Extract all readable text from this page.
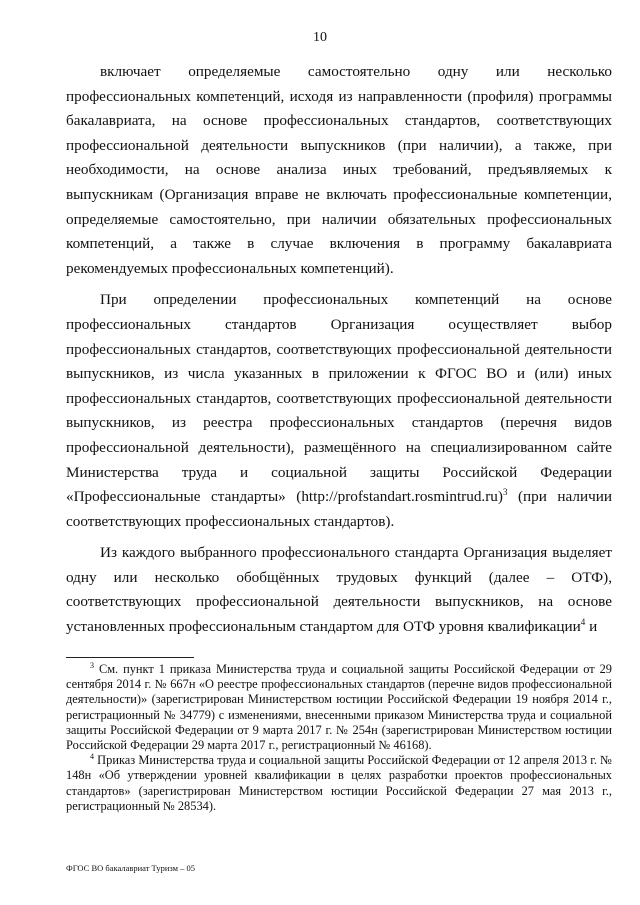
10

включает определяемые самостоятельно одну или несколько профессиональных компетенций, исходя из направленности (профиля) программы бакалавриата, на основе профессиональных стандартов, соответствующих профессиональной деятельности выпускников (при наличии), а также, при необходимости, на основе анализа иных требований, предъявляемых к выпускникам (Организация вправе не включать профессиональные компетенции, определяемые самостоятельно, при наличии обязательных профессиональных компетенций, а также в случае включения в программу бакалавриата рекомендуемых профессиональных компетенций).

При определении профессиональных компетенций на основе профессиональных стандартов Организация осуществляет выбор профессиональных стандартов, соответствующих профессиональной деятельности выпускников, из числа указанных в приложении к ФГОС ВО и (или) иных профессиональных стандартов, соответствующих профессиональной деятельности выпускников, из реестра профессиональных стандартов (перечня видов профессиональной деятельности), размещённого на специализированном сайте Министерства труда и социальной защиты Российской Федерации «Профессиональные стандарты» (http://profstandart.rosmintrud.ru)$^3$ (при наличии соответствующих профессиональных стандартов).

Из каждого выбранного профессионального стандарта Организация выделяет одну или несколько обобщённых трудовых функций (далее – ОТФ), соответствующих профессиональной деятельности выпускников, на основе установленных профессиональным стандартом для ОТФ уровня квалификации$^4$ и

$^3$ См. пункт 1 приказа Министерства труда и социальной защиты Российской Федерации от 29 сентября 2014 г. № 667н «О реестре профессиональных стандартов (перечне видов профессиональной деятельности)» (зарегистрирован Министерством юстиции Российской Федерации 19 ноября 2014 г., регистрационный № 34779) с изменениями, внесенными приказом Министерства труда и социальной защиты Российской Федерации от 9 марта 2017 г. № 254н (зарегистрирован Министерством юстиции Российской Федерации 29 марта 2017 г., регистрационный № 46168).

$^4$ Приказ Министерства труда и социальной защиты Российской Федерации от 12 апреля 2013 г. № 148н «Об утверждении уровней квалификации в целях разработки проектов профессиональных стандартов» (зарегистрирован Министерством юстиции Российской Федерации 27 мая 2013 г., регистрационный № 28534).

ФГОС ВО бакалавриат Туризм – 05
